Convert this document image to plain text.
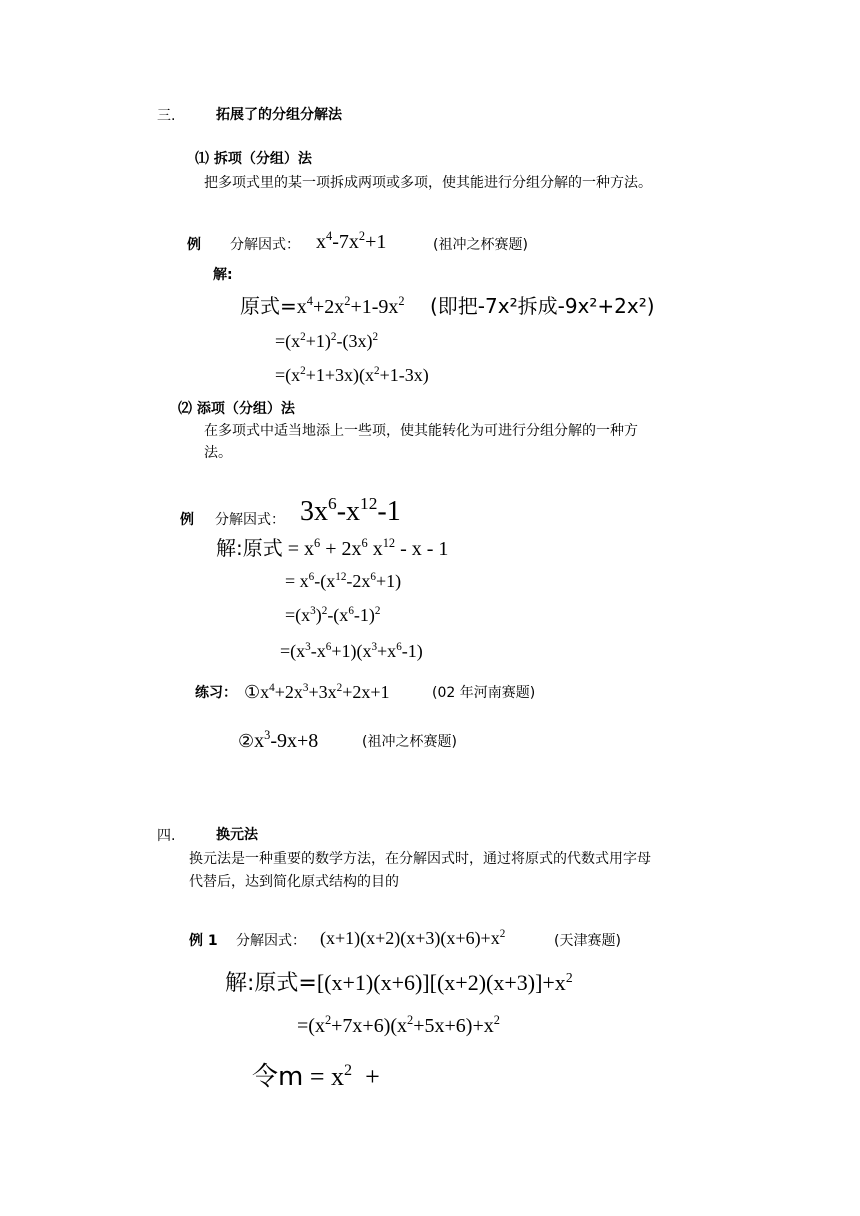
三.	拓展了的分组分解法
⑴ 拆项（分组）法
把多项式里的某一项拆成两项或多项，使其能进行分组分解的一种方法。
例 分解因式： $x^4-7x^2+1$	(祖冲之杯赛题)
解:
原式$=x^4+2x^2+1-9x^2$ (即把-7x²拆成-9x²+2x²)
$=(x^2+1)^2-(3x)^2$
$=(x^2+1+3x)(x^2+1-3x)$
⑵ 添项（分组）法
在多项式中适当地添上一些项，使其能转化为可进行分组分解的一种方
法。
例 分解因式： $3x^6-x^{12}-1$
解:原式 = $x^6 + 2x^6$ $x^{12}$ - x - 1
= $x^6-(x^{12}-2x^6+1)$
$=(x^3)^2-(x^6-1)^2$
$=(x^3-x^6+1)(x^3+x^6-1)$
练习： $①x^4+2x^3+3x^2+2x+1$	(02 年河南赛题)
$②x^3-9x+8$	(祖冲之杯赛题)
四.	换元法
换元法是一种重要的数学方法，在分解因式时，通过将原式的代数式用字母
代替后，达到简化原式结构的目的
例 1 分解因式： $(x+1)(x+2)(x+3)(x+6)+x^2$	(天津赛题)
解:原式$=[(x+1)(x+6)][(x+2)(x+3)]+x^2$
$=(x^2+7x+6)(x^2+5x+6)+x^2$
令$m = x^2$  +
